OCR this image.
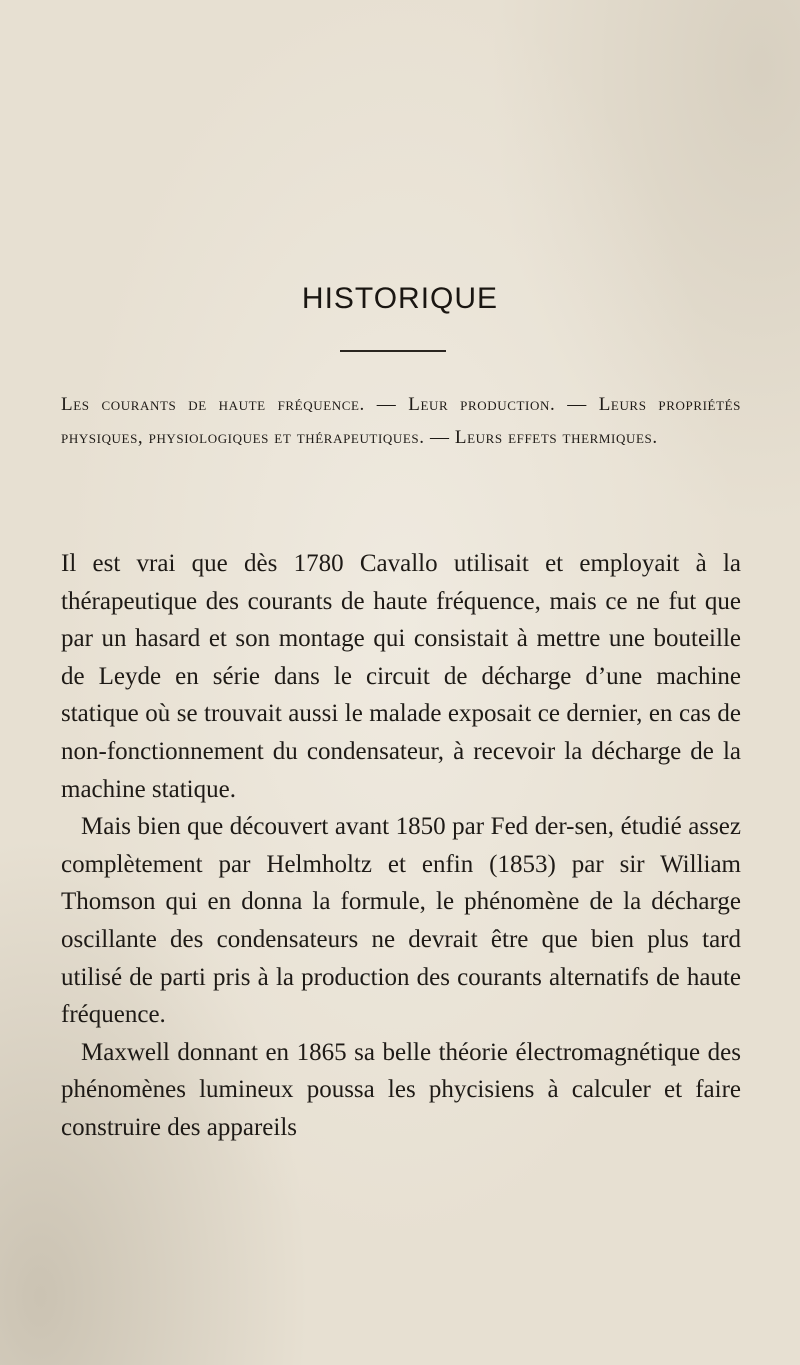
HISTORIQUE
Les courants de haute fréquence. — Leur production. — Leurs propriétés physiques, physiologiques et thérapeutiques. — Leurs effets thermiques.

Il est vrai que dès 1780 Cavallo utilisait et employait à la thérapeutique des courants de haute fréquence, mais ce ne fut que par un hasard et son montage qui consistait à mettre une bouteille de Leyde en série dans le circuit de décharge d’une machine statique où se trouvait aussi le malade exposait ce dernier, en cas de non-fonctionnement du condensateur, à recevoir la décharge de la machine statique.

Mais bien que découvert avant 1850 par Fed der-sen, étudié assez complètement par Helmholtz et enfin (1853) par sir William Thomson qui en donna la formule, le phénomène de la décharge oscillante des condensateurs ne devrait être que bien plus tard utilisé de parti pris à la production des courants alternatifs de haute fréquence.

Maxwell donnant en 1865 sa belle théorie électromagnétique des phénomènes lumineux poussa les phycisiens à calculer et faire construire des appareils
